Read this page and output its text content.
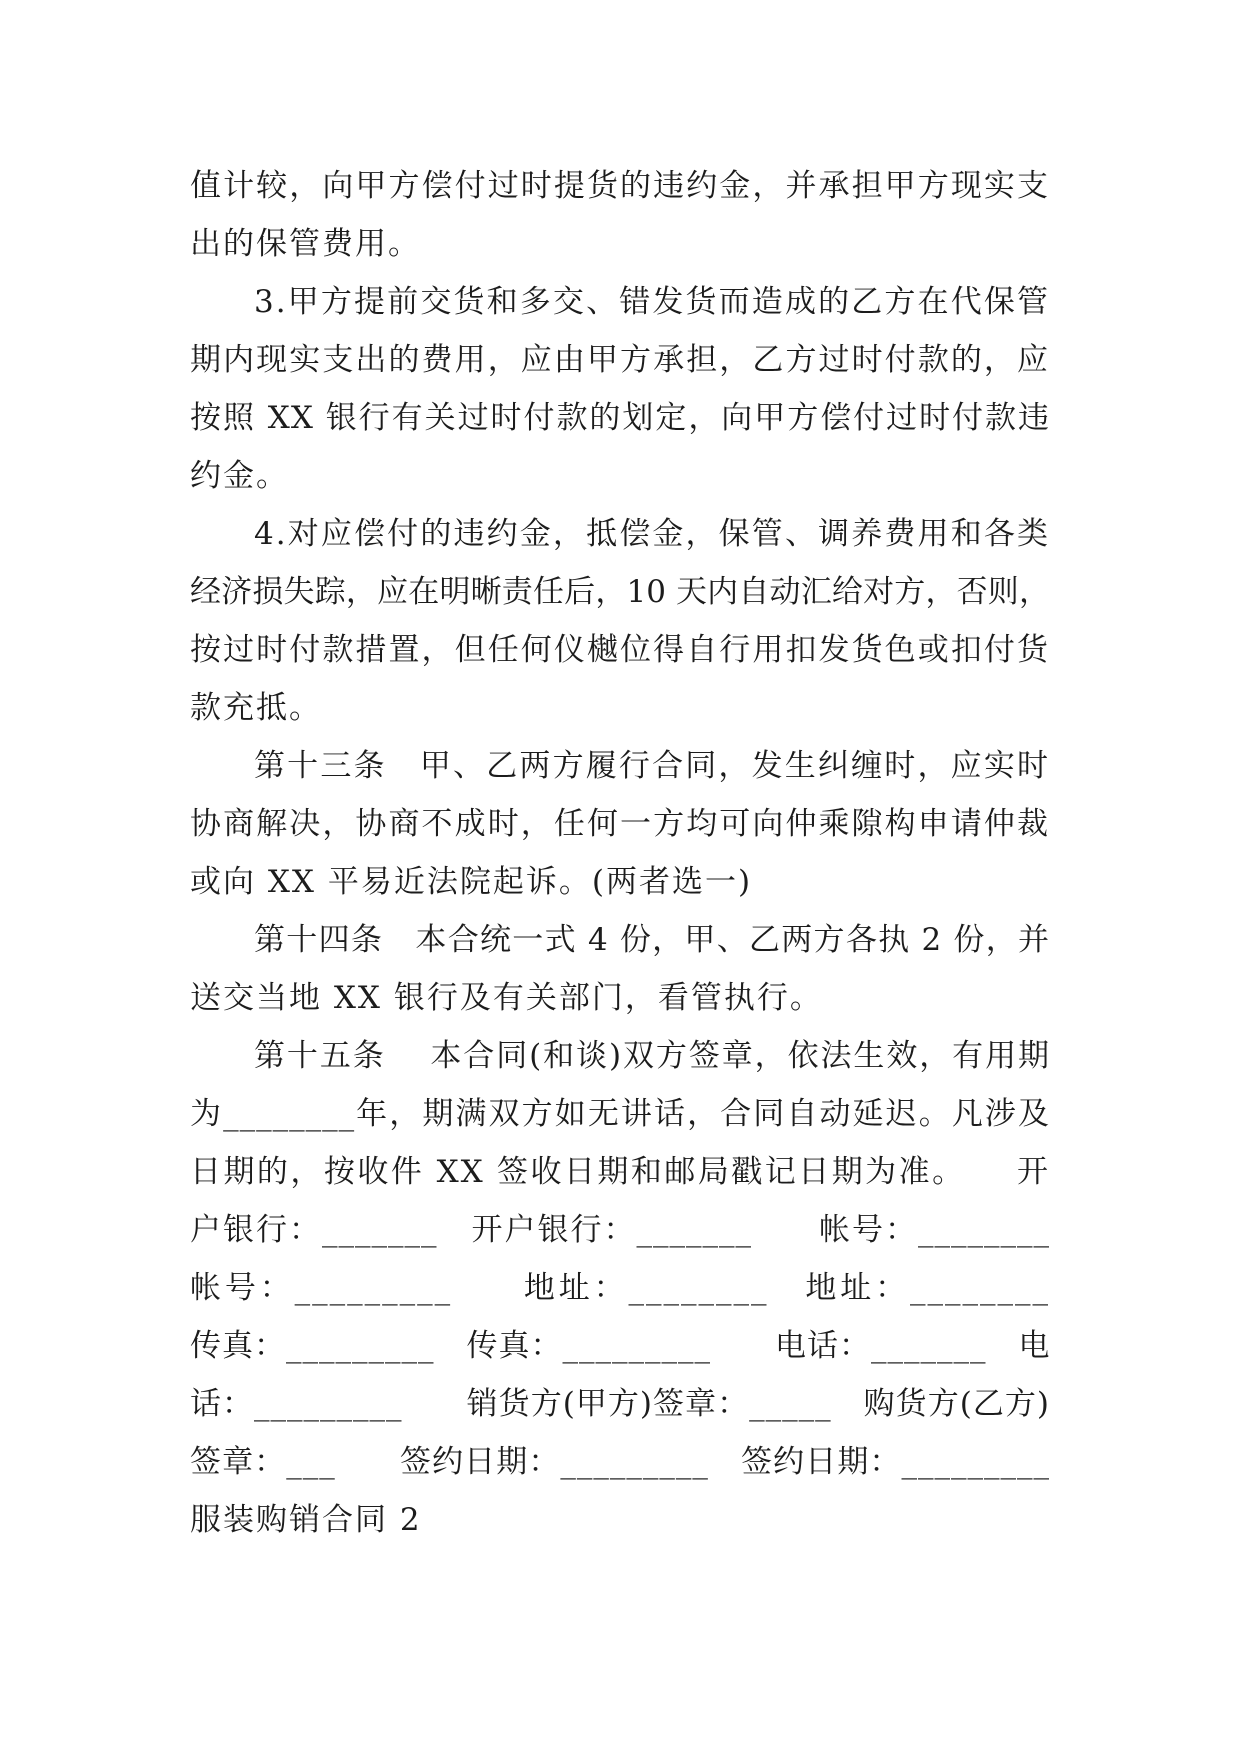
值计较，向甲方偿付过时提货的违约金，并承担甲方现实支
出的保管费用。
3.甲方提前交货和多交、错发货而造成的乙方在代保管
期内现实支出的费用，应由甲方承担，乙方过时付款的，应
按照 XX 银行有关过时付款的划定，向甲方偿付过时付款违
约金。
4.对应偿付的违约金，抵偿金，保管、调养费用和各类
经济损失踪，应在明晰责任后，10 天内自动汇给对方，否则，
按过时付款措置，但任何仪樾位得自行用扣发货色或扣付货
款充抵。
第十三条　甲、乙两方履行合同，发生纠缠时，应实时
协商解决，协商不成时，任何一方均可向仲乘隙构申请仲裁
或向 XX 平易近法院起诉。(两者选一)
第十四条　本合统一式 4 份，甲、乙两方各执 2 份，并
送交当地 XX 银行及有关部门，看管执行。
第十五条　 本合同(和谈)双方签章，依法生效，有用期
为________年，期满双方如无讲话，合同自动延迟。凡涉及
日期的，按收件 XX 签收日期和邮局戳记日期为准。　　开
户银行：_______　开户银行：_______　　帐号：________
帐号：_________　　地址：________　地址：________
传真：_________　传真：_________　　电话：_______　电
话：_________　　销货方(甲方)签章：_____　购货方(乙方)
签章：___　　签约日期：_________　签约日期：_________
服装购销合同 2
